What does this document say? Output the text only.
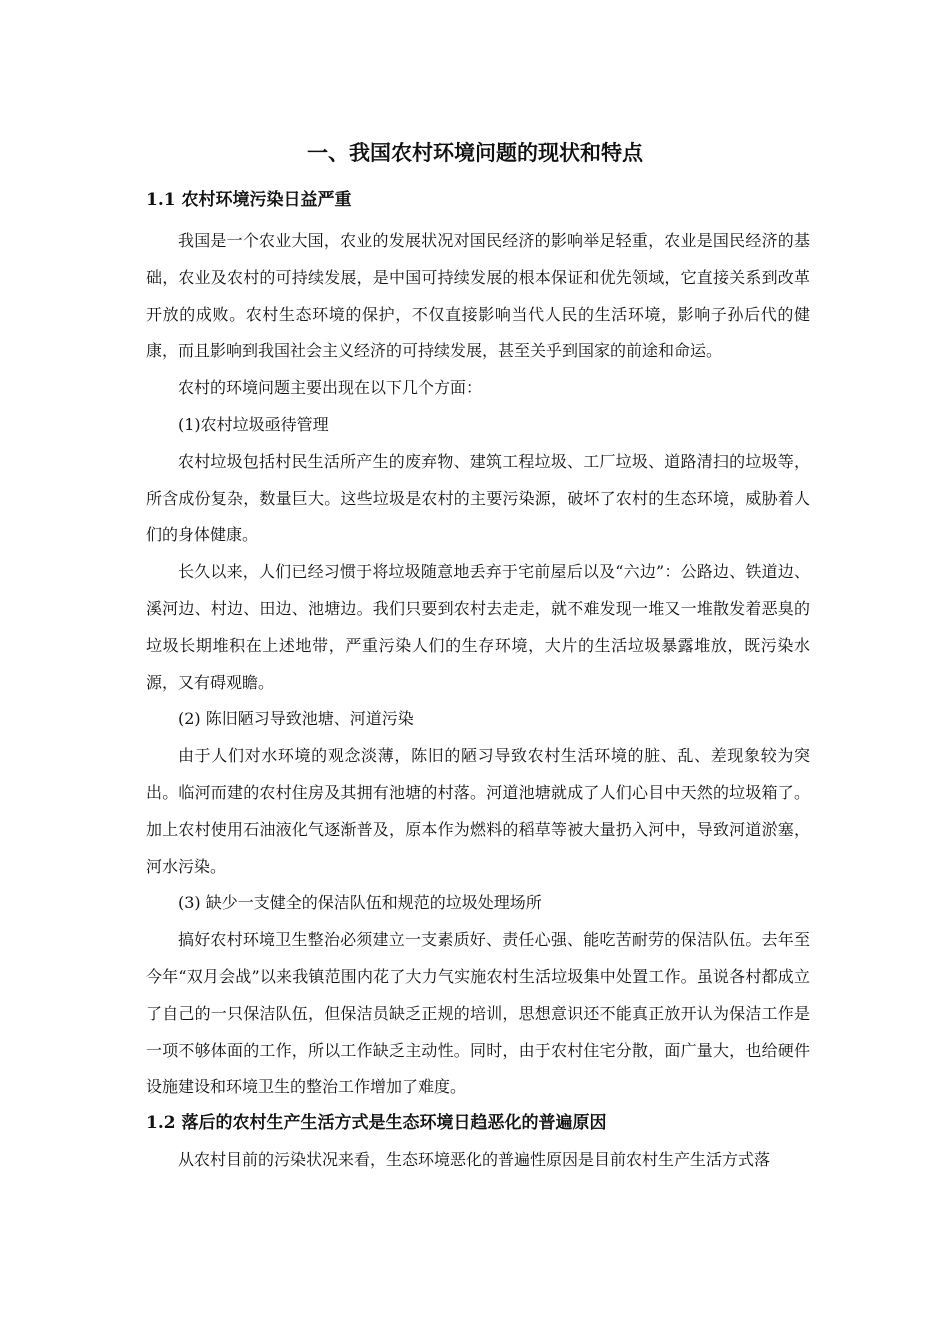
一、我国农村环境问题的现状和特点
1.1 农村环境污染日益严重

我国是一个农业大国，农业的发展状况对国民经济的影响举足轻重，农业是国民经济的基础，农业及农村的可持续发展，是中国可持续发展的根本保证和优先领域，它直接关系到改革开放的成败。农村生态环境的保护，不仅直接影响当代人民的生活环境，影响子孙后代的健康，而且影响到我国社会主义经济的可持续发展，甚至关乎到国家的前途和命运。

农村的环境问题主要出现在以下几个方面：

(1)农村垃圾亟待管理

农村垃圾包括村民生活所产生的废弃物、建筑工程垃圾、工厂垃圾、道路清扫的垃圾等，所含成份复杂，数量巨大。这些垃圾是农村的主要污染源，破坏了农村的生态环境，威胁着人们的身体健康。

长久以来，人们已经习惯于将垃圾随意地丢弃于宅前屋后以及“六边”：公路边、铁道边、溪河边、村边、田边、池塘边。我们只要到农村去走走，就不难发现一堆又一堆散发着恶臭的垃圾长期堆积在上述地带，严重污染人们的生存环境，大片的生活垃圾暴露堆放，既污染水源，又有碍观瞻。

(2) 陈旧陋习导致池塘、河道污染

由于人们对水环境的观念淡薄，陈旧的陋习导致农村生活环境的脏、乱、差现象较为突出。临河而建的农村住房及其拥有池塘的村落。河道池塘就成了人们心目中天然的垃圾箱了。加上农村使用石油液化气逐渐普及，原本作为燃料的稻草等被大量扔入河中，导致河道淤塞，河水污染。

(3) 缺少一支健全的保洁队伍和规范的垃圾处理场所

搞好农村环境卫生整治必须建立一支素质好、责任心强、能吃苦耐劳的保洁队伍。去年至今年“双月会战”以来我镇范围内花了大力气实施农村生活垃圾集中处置工作。虽说各村都成立了自己的一只保洁队伍，但保洁员缺乏正规的培训，思想意识还不能真正放开认为保洁工作是一项不够体面的工作，所以工作缺乏主动性。同时，由于农村住宅分散，面广量大，也给硬件设施建设和环境卫生的整治工作增加了难度。

1.2 落后的农村生产生活方式是生态环境日趋恶化的普遍原因

从农村目前的污染状况来看，生态环境恶化的普遍性原因是目前农村生产生活方式落
